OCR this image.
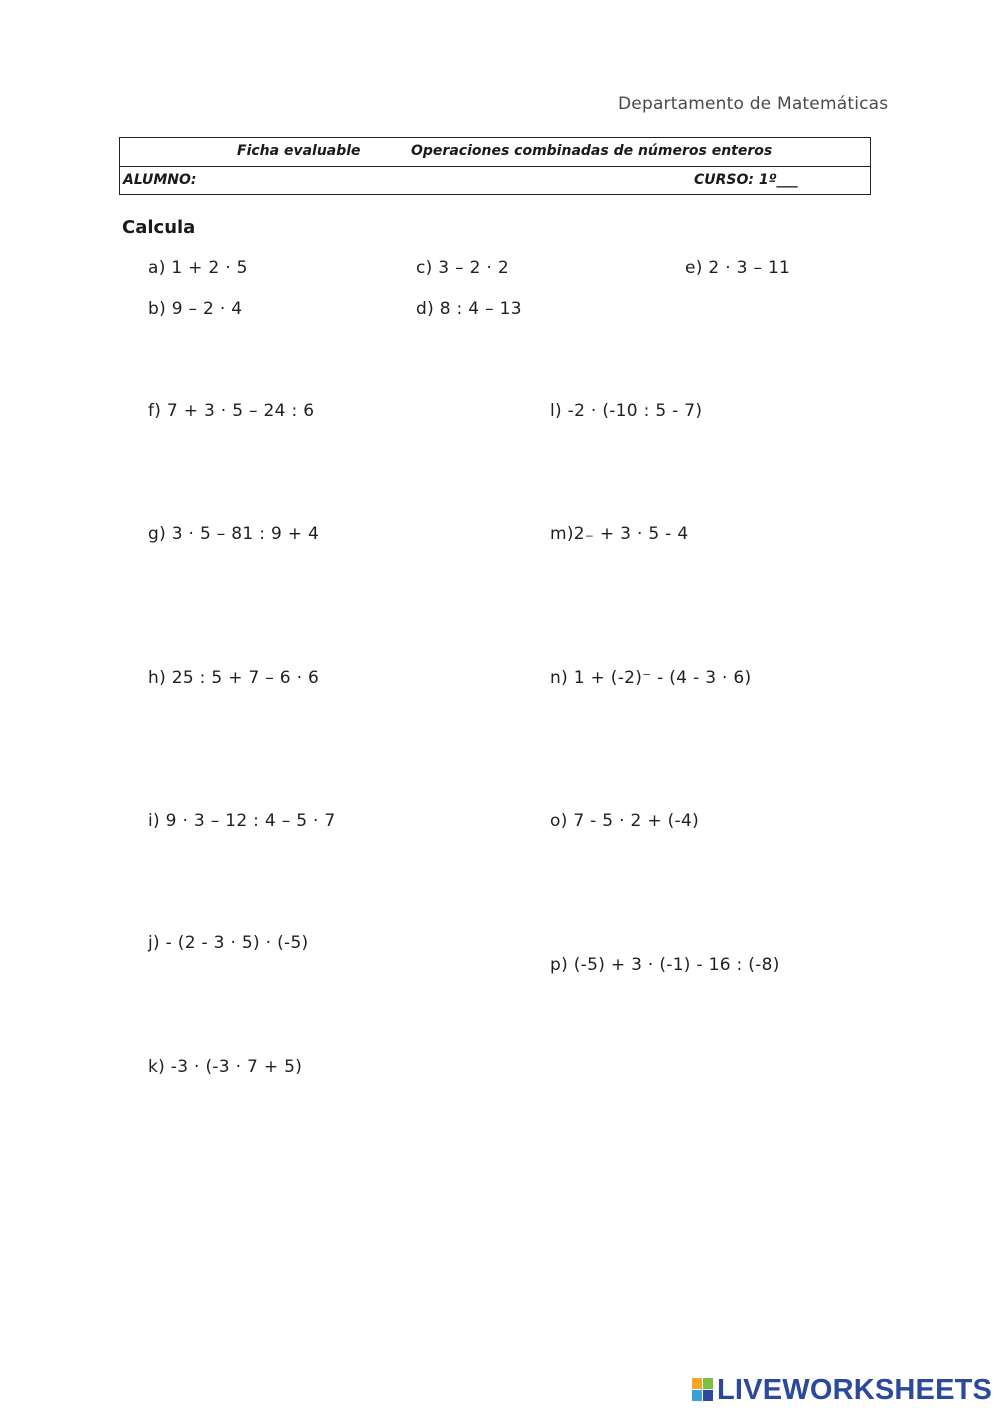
Departamento de Matemáticas
Ficha evaluable	Operaciones combinadas de números enteros
ALUMNO:	CURSO: 1º___
Calcula
a) 1 + 2 · 5
b) 9 – 2 · 4
c) 3 – 2 · 2
d) 8 : 4 – 13
e) 2 · 3 – 11
f) 7 + 3 · 5 – 24 : 6
g) 3 · 5 – 81 : 9 + 4
h) 25 : 5 + 7 – 6 · 6
i) 9 · 3 – 12 : 4 – 5 · 7
j) - (2 - 3 · 5) · (-5)
k) -3 · (-3 · 7 + 5)
l) -2 · (-10 : 5 - 7)
m)2₋ + 3 · 5 - 4
n) 1 + (-2)⁻ - (4 - 3 · 6)
o) 7 - 5 · 2 + (-4)
p) (-5) + 3 · (-1) - 16 : (-8)
LIVEWORKSHEETS
